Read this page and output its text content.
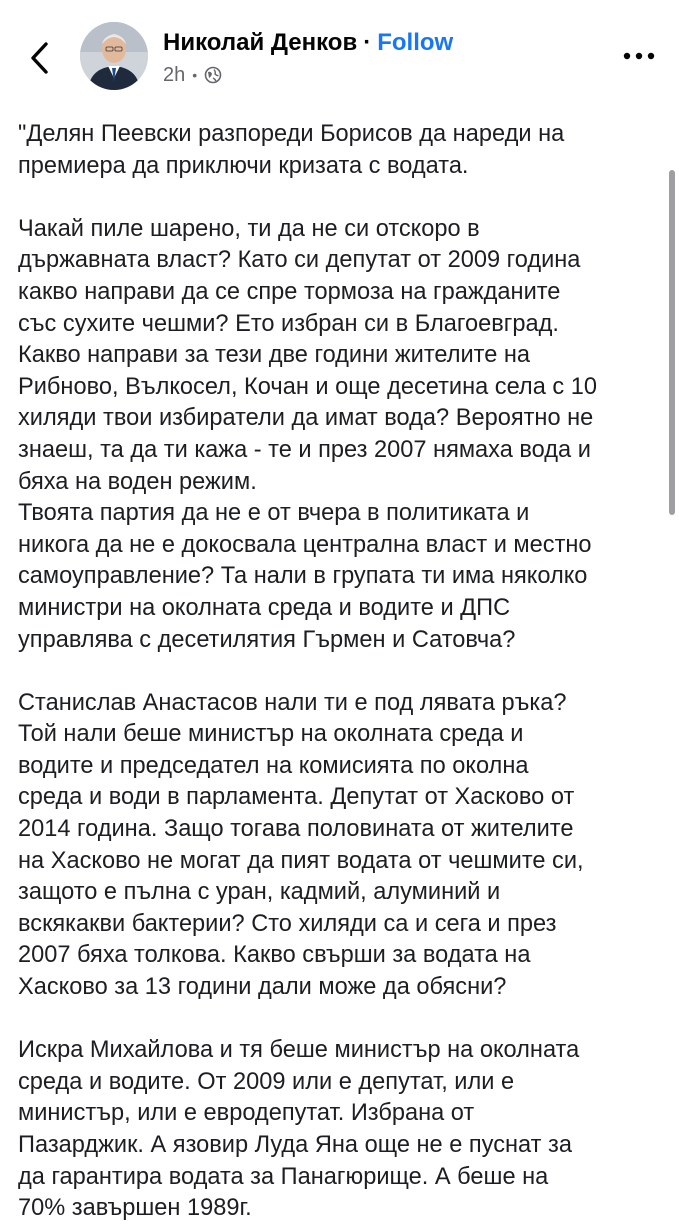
Николай Денков · Follow
2h •

"Делян Пеевски разпореди Борисов да нареди на
премиера да приключи кризата с водата.

Чакай пиле шарено, ти да не си отскоро в
държавната власт? Като си депутат от 2009 година
какво направи да се спре тормоза на гражданите
със сухите чешми? Ето избран си в Благоевград.
Какво направи за тези две години жителите на
Рибново, Вълкосел, Кочан и още десетина села с 10
хиляди твои избиратели да имат вода? Вероятно не
знаеш, та да ти кажа - те и през 2007 нямаха вода и
бяха на воден режим.
Твоята партия да не е от вчера в политиката и
никога да не е докосвала централна власт и местно
самоуправление? Та нали в групата ти има няколко
министри на околната среда и водите и ДПС
управлява с десетилятия Гърмен и Сатовча?

Станислав Анастасов нали ти е под лявата ръка?
Той нали беше министър на околната среда и
водите и председател на комисията по околна
среда и води в парламента. Депутат от Хасково от
2014 година. Защо тогава половината от жителите
на Хасково не могат да пият водата от чешмите си,
защото е пълна с уран, кадмий, алуминий и
вскякакви бактерии? Сто хиляди са и сега и през
2007 бяха толкова. Какво свърши за водата на
Хасково за 13 години дали може да обясни?

Искра Михайлова и тя беше министър на околната
среда и водите. От 2009 или е депутат, или е
министър, или е евродепутат. Избрана от
Пазарджик. А язовир Луда Яна още не е пуснат за
да гарантира водата за Панагюрище. А беше на
70% завършен 1989г.
